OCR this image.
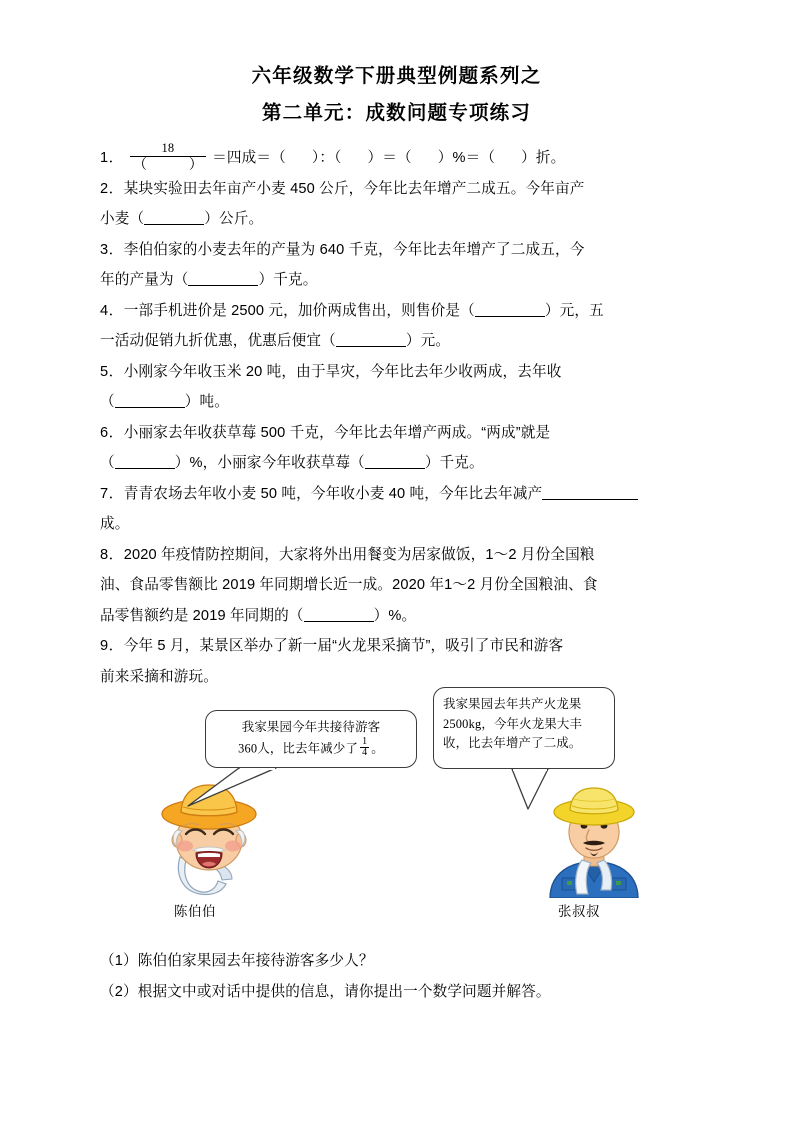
六年级数学下册典型例题系列之
第二单元：成数问题专项练习
1． $\frac{18}{( )}$ ＝四成＝（ ）：（ ）＝（ ）%＝（ ）折。
2．某块实验田去年亩产小麦 450 公斤，今年比去年增产二成五。今年亩产
小麦（	）公斤。
3．李伯伯家的小麦去年的产量为 640 千克，今年比去年增产了二成五，今
年的产量为（	）千克。
4．一部手机进价是 2500 元，加价两成售出，则售价是（	）元，五
一活动促销九折优惠，优惠后便宜（	）元。
5．小刚家今年收玉米 20 吨，由于旱灾，今年比去年少收两成，去年收
（	）吨。
6．小丽家去年收获草莓 500 千克，今年比去年增产两成。“两成”就是
（	）%，小丽家今年收获草莓（	）千克。
7．青青农场去年收小麦 50 吨，今年收小麦 40 吨，今年比去年减产
成。
8．2020 年疫情防控期间，大家将外出用餐变为居家做饭，1～2 月份全国粮
油、食品零售额比 2019 年同期增长近一成。2020 年1～2 月份全国粮油、食
品零售额约是 2019 年同期的（	）%。
9．今年 5 月，某景区举办了新一届“火龙果采摘节”，吸引了市民和游客
前来采摘和游玩。
我家果园今年共接待游客
360人，比去年减少了 $\frac{1}{4}$ 。
我家果园去年共产火龙果
2500kg，今年火龙果大丰
收，比去年增产了二成。
陈伯伯	张叔叔
（1）陈伯伯家果园去年接待游客多少人？
（2）根据文中或对话中提供的信息，请你提出一个数学问题并解答。
